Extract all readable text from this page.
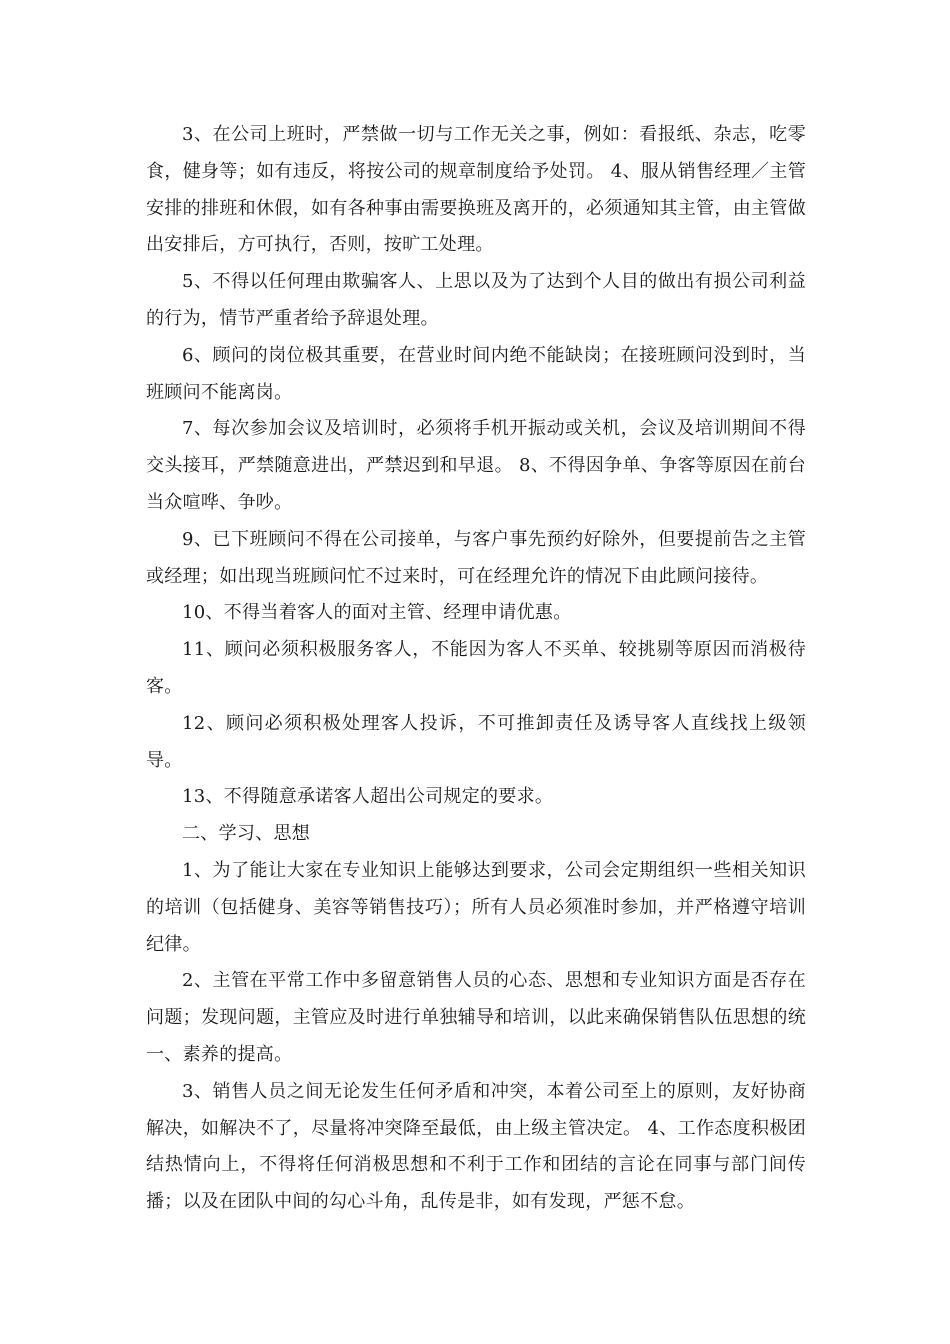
3、在公司上班时，严禁做一切与工作无关之事，例如：看报纸、杂志，吃零食，健身等；如有违反，将按公司的规章制度给予处罚。 4、服从销售经理／主管安排的排班和休假，如有各种事由需要换班及离开的，必须通知其主管，由主管做出安排后，方可执行，否则，按旷工处理。

5、不得以任何理由欺骗客人、上思以及为了达到个人目的做出有损公司利益的行为，情节严重者给予辞退处理。

6、顾问的岗位极其重要，在营业时间内绝不能缺岗；在接班顾问没到时，当班顾问不能离岗。

7、每次参加会议及培训时，必须将手机开振动或关机，会议及培训期间不得交头接耳，严禁随意进出，严禁迟到和早退。 8、不得因争单、争客等原因在前台当众喧哗、争吵。

9、已下班顾问不得在公司接单，与客户事先预约好除外，但要提前告之主管或经理；如出现当班顾问忙不过来时，可在经理允许的情况下由此顾问接待。

10、不得当着客人的面对主管、经理申请优惠。

11、顾问必须积极服务客人，不能因为客人不买单、较挑剔等原因而消极待客。

12、顾问必须积极处理客人投诉，不可推卸责任及诱导客人直线找上级领导。

13、不得随意承诺客人超出公司规定的要求。

二、学习、思想

1、为了能让大家在专业知识上能够达到要求，公司会定期组织一些相关知识的培训（包括健身、美容等销售技巧）；所有人员必须准时参加，并严格遵守培训纪律。

2、主管在平常工作中多留意销售人员的心态、思想和专业知识方面是否存在问题；发现问题，主管应及时进行单独辅导和培训，以此来确保销售队伍思想的统一、素养的提高。

3、销售人员之间无论发生任何矛盾和冲突，本着公司至上的原则，友好协商解决，如解决不了，尽量将冲突降至最低，由上级主管决定。 4、工作态度积极团结热情向上，不得将任何消极思想和不利于工作和团结的言论在同事与部门间传播；以及在团队中间的勾心斗角，乱传是非，如有发现，严惩不怠。
